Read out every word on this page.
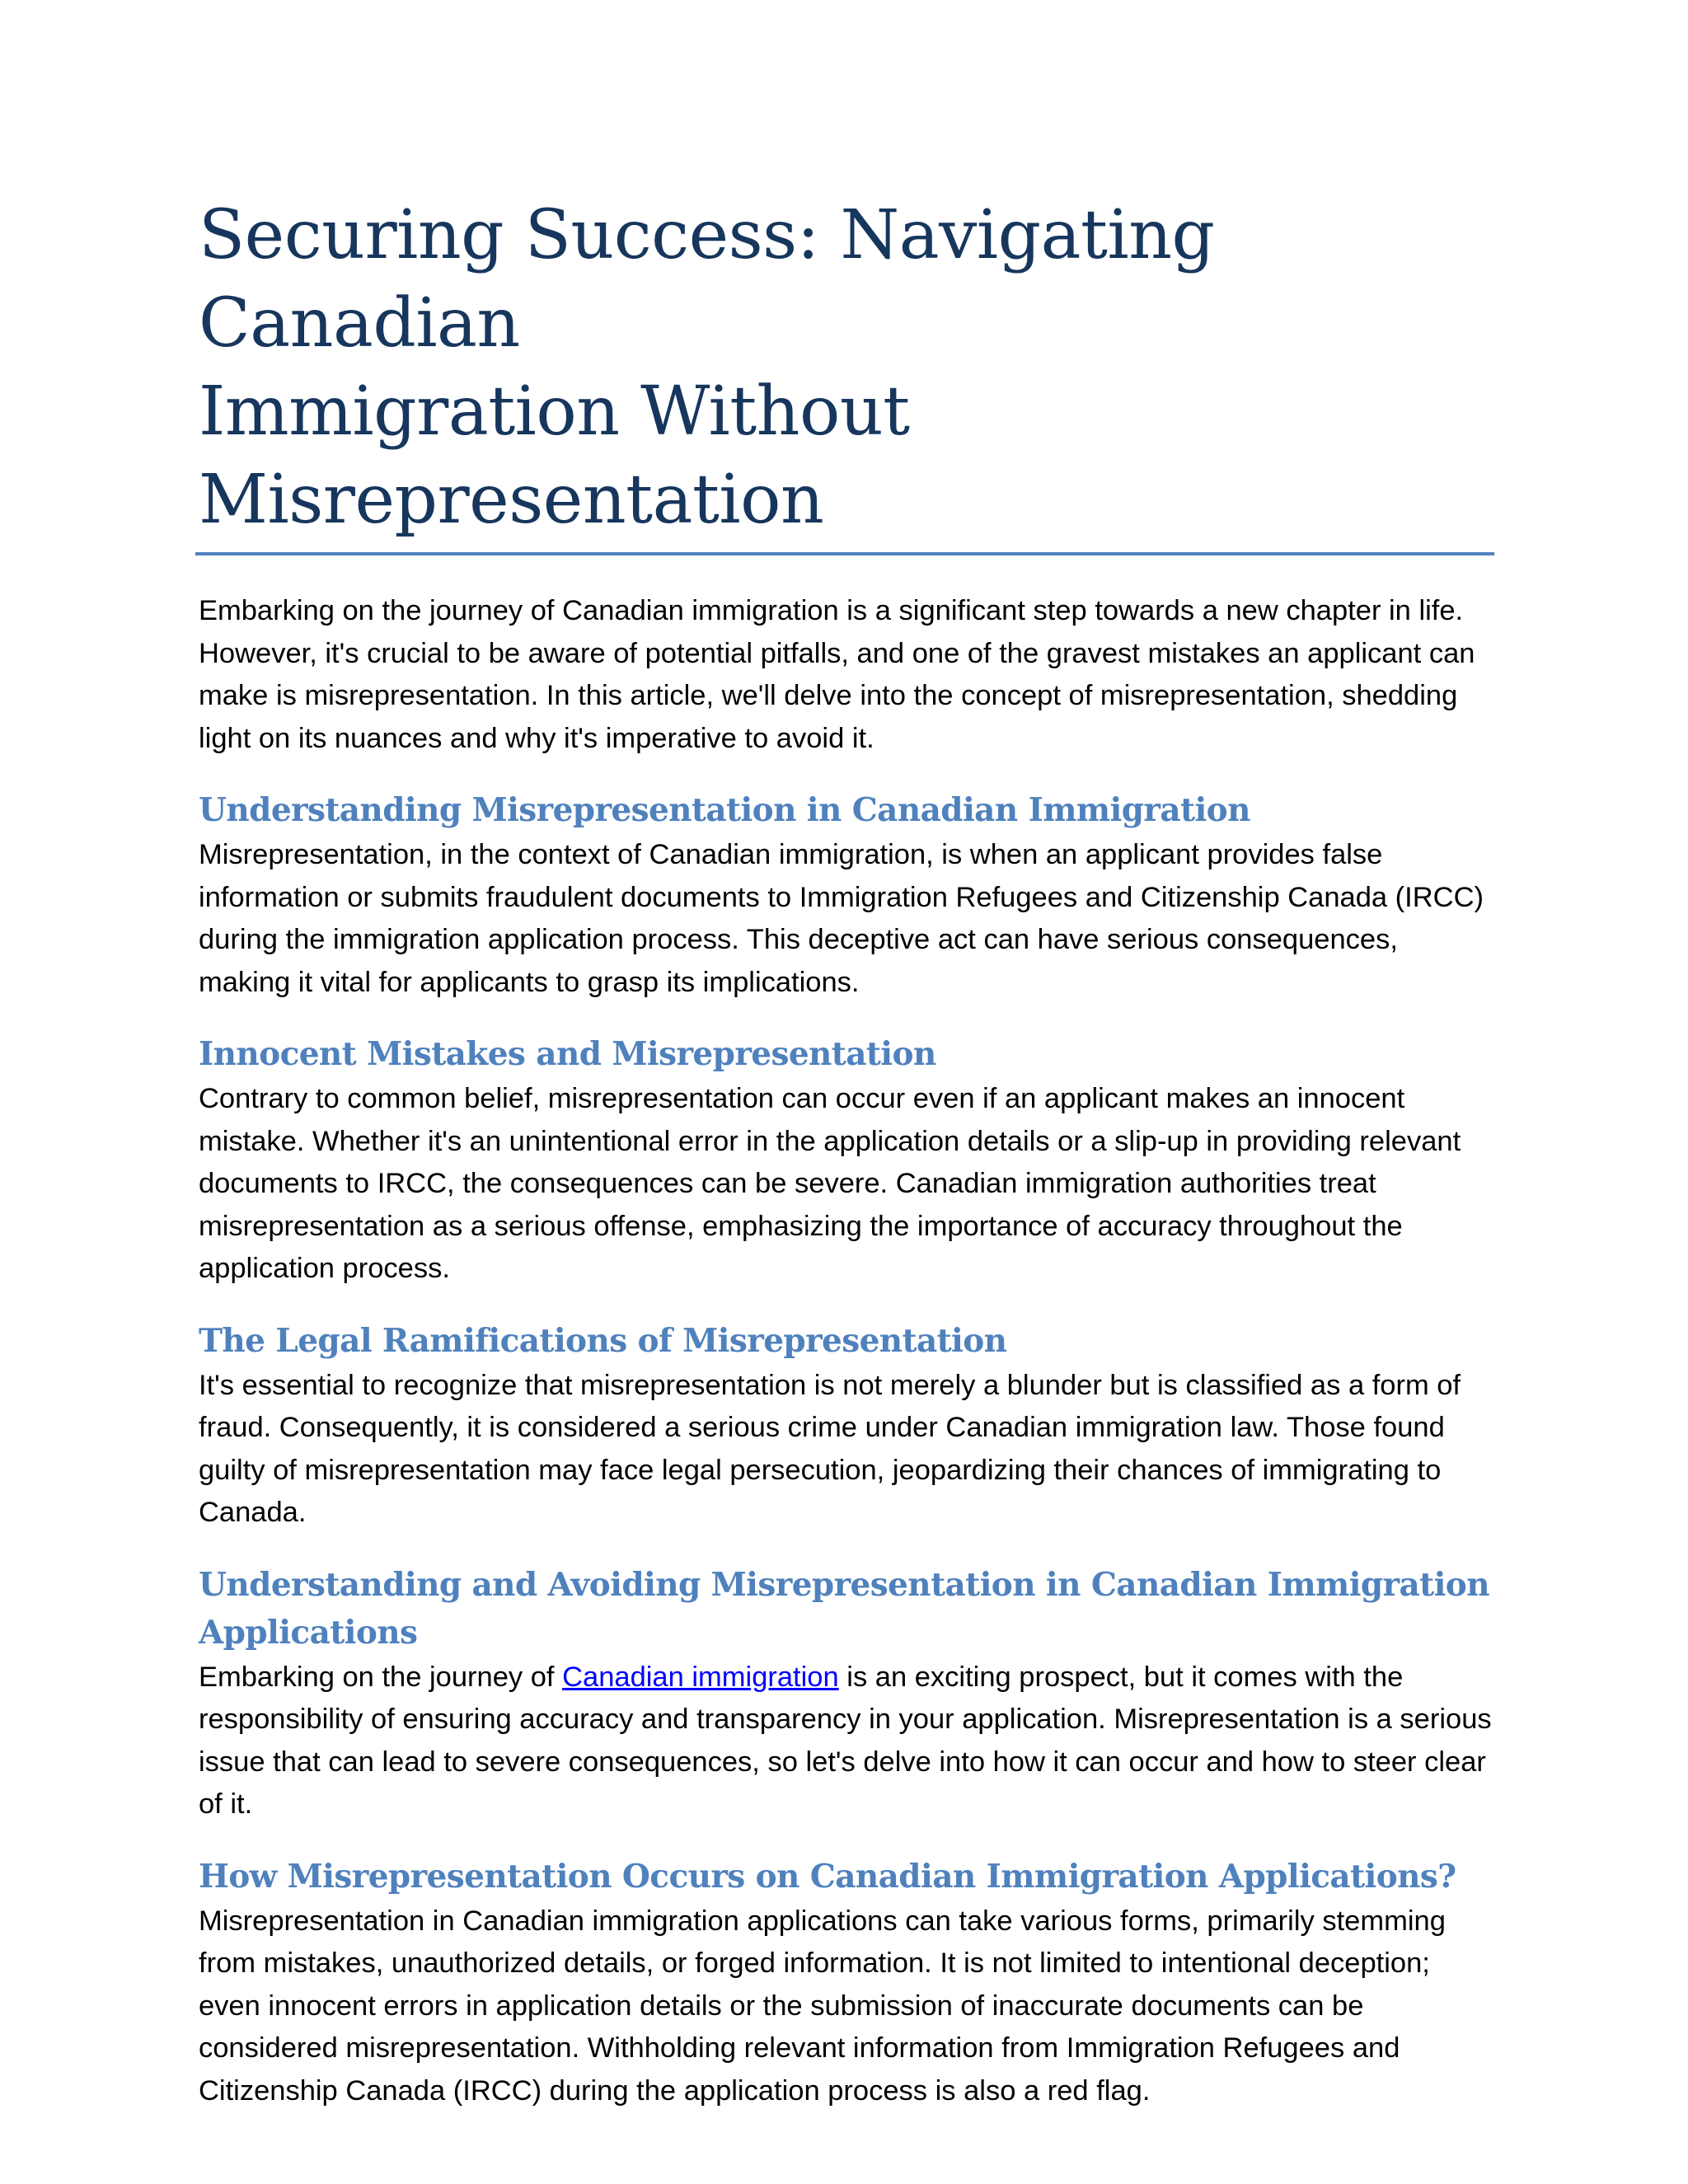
Securing Success: Navigating Canadian
Immigration Without Misrepresentation

Embarking on the journey of Canadian immigration is a significant step towards a new chapter in life. However, it's crucial to be aware of potential pitfalls, and one of the gravest mistakes an applicant can make is misrepresentation. In this article, we'll delve into the concept of misrepresentation, shedding light on its nuances and why it's imperative to avoid it.

Understanding Misrepresentation in Canadian Immigration

Misrepresentation, in the context of Canadian immigration, is when an applicant provides false information or submits fraudulent documents to Immigration Refugees and Citizenship Canada (IRCC) during the immigration application process. This deceptive act can have serious consequences, making it vital for applicants to grasp its implications.

Innocent Mistakes and Misrepresentation

Contrary to common belief, misrepresentation can occur even if an applicant makes an innocent mistake. Whether it's an unintentional error in the application details or a slip-up in providing relevant documents to IRCC, the consequences can be severe. Canadian immigration authorities treat misrepresentation as a serious offense, emphasizing the importance of accuracy throughout the application process.

The Legal Ramifications of Misrepresentation

It's essential to recognize that misrepresentation is not merely a blunder but is classified as a form of fraud. Consequently, it is considered a serious crime under Canadian immigration law. Those found guilty of misrepresentation may face legal persecution, jeopardizing their chances of immigrating to Canada.

Understanding and Avoiding Misrepresentation in Canadian Immigration Applications

Embarking on the journey of Canadian immigration is an exciting prospect, but it comes with the responsibility of ensuring accuracy and transparency in your application. Misrepresentation is a serious issue that can lead to severe consequences, so let's delve into how it can occur and how to steer clear of it.

How Misrepresentation Occurs on Canadian Immigration Applications?

Misrepresentation in Canadian immigration applications can take various forms, primarily stemming from mistakes, unauthorized details, or forged information. It is not limited to intentional deception; even innocent errors in application details or the submission of inaccurate documents can be considered misrepresentation. Withholding relevant information from Immigration Refugees and Citizenship Canada (IRCC) during the application process is also a red flag.
